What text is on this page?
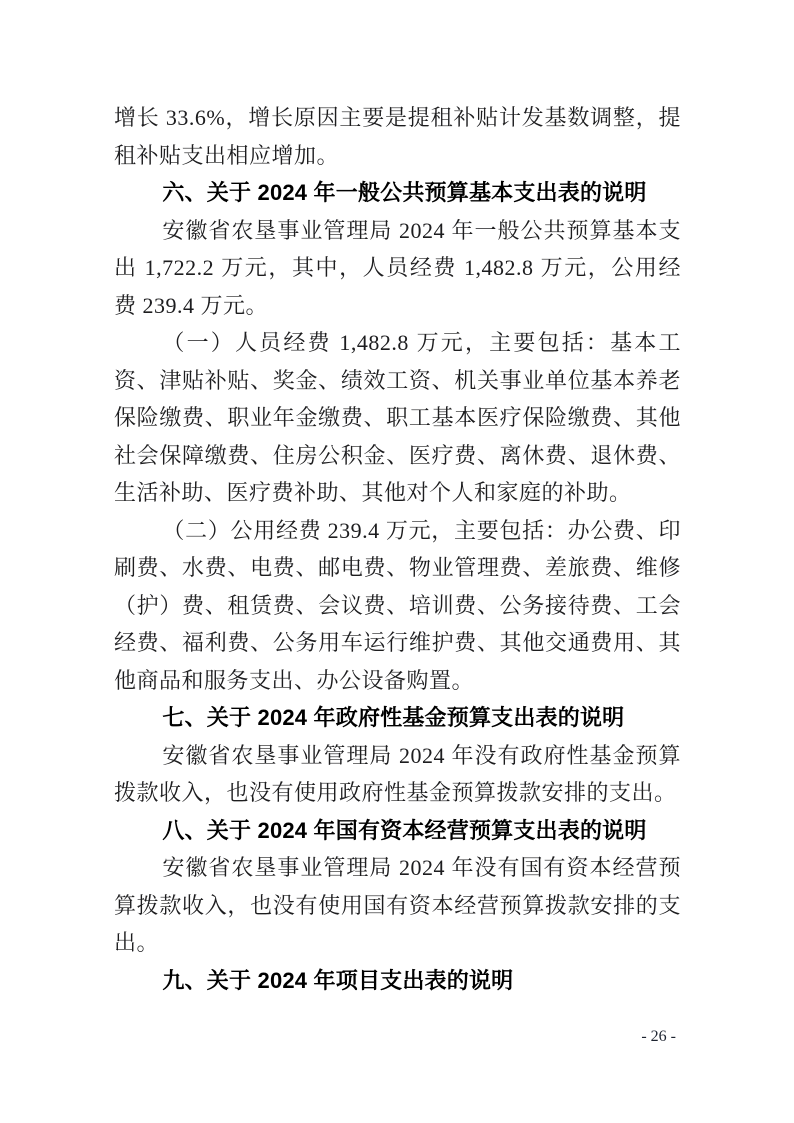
增长 33.6%，增长原因主要是提租补贴计发基数调整，提租补贴支出相应增加。

六、关于 2024 年一般公共预算基本支出表的说明

安徽省农垦事业管理局 2024 年一般公共预算基本支出 1,722.2 万元，其中，人员经费 1,482.8 万元，公用经费 239.4 万元。

（一）人员经费 1,482.8 万元，主要包括：基本工资、津贴补贴、奖金、绩效工资、机关事业单位基本养老保险缴费、职业年金缴费、职工基本医疗保险缴费、其他社会保障缴费、住房公积金、医疗费、离休费、退休费、生活补助、医疗费补助、其他对个人和家庭的补助。

（二）公用经费 239.4 万元，主要包括：办公费、印刷费、水费、电费、邮电费、物业管理费、差旅费、维修（护）费、租赁费、会议费、培训费、公务接待费、工会经费、福利费、公务用车运行维护费、其他交通费用、其他商品和服务支出、办公设备购置。

七、关于 2024 年政府性基金预算支出表的说明

安徽省农垦事业管理局 2024 年没有政府性基金预算拨款收入，也没有使用政府性基金预算拨款安排的支出。

八、关于 2024 年国有资本经营预算支出表的说明

安徽省农垦事业管理局 2024 年没有国有资本经营预算拨款收入，也没有使用国有资本经营预算拨款安排的支出。

九、关于 2024 年项目支出表的说明

- 26 -
